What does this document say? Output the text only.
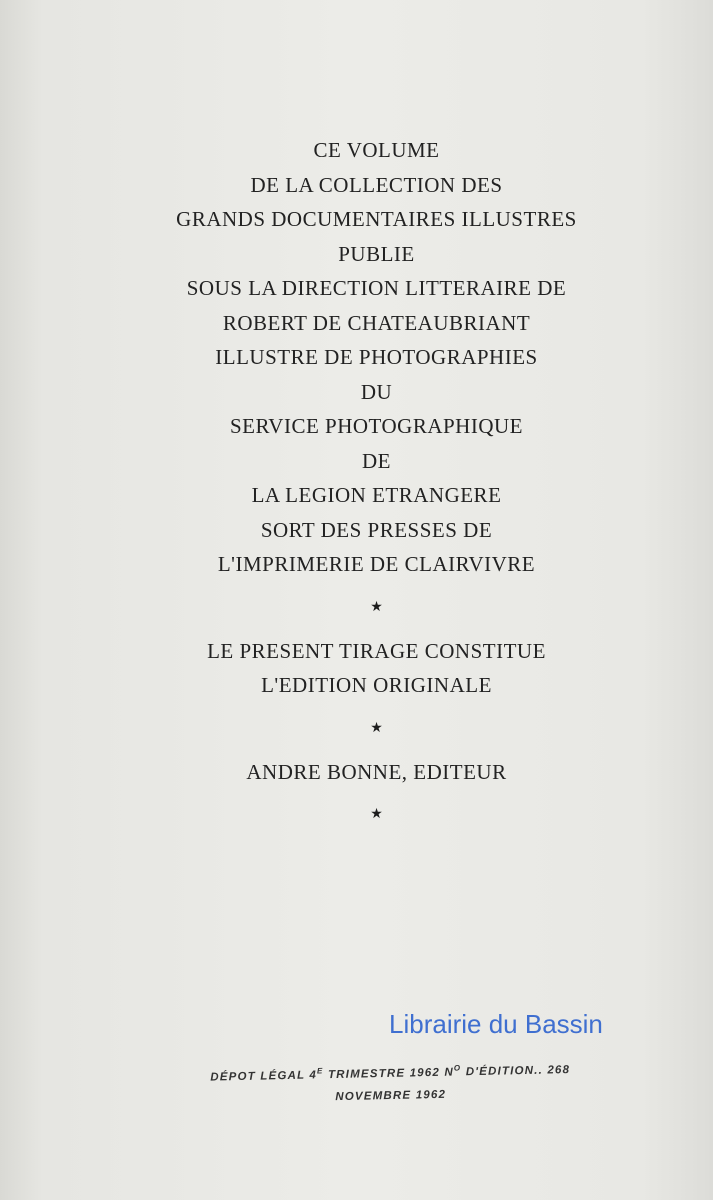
CE VOLUME
DE LA COLLECTION DES
GRANDS DOCUMENTAIRES ILLUSTRES
PUBLIE
SOUS LA DIRECTION LITTERAIRE DE
ROBERT DE CHATEAUBRIANT
ILLUSTRE DE PHOTOGRAPHIES
DU
SERVICE PHOTOGRAPHIQUE
DE
LA LEGION ETRANGERE
SORT DES PRESSES DE
L'IMPRIMERIE DE CLAIRVIVRE
★
LE PRESENT TIRAGE CONSTITUE
L'EDITION ORIGINALE
★
ANDRE BONNE, EDITEUR
★
Librairie du Bassin
DÉPOT LÉGAL $4^E$ TRIMESTRE 1962 $N^O$ D'ÉDITION.. 268
NOVEMBRE 1962
